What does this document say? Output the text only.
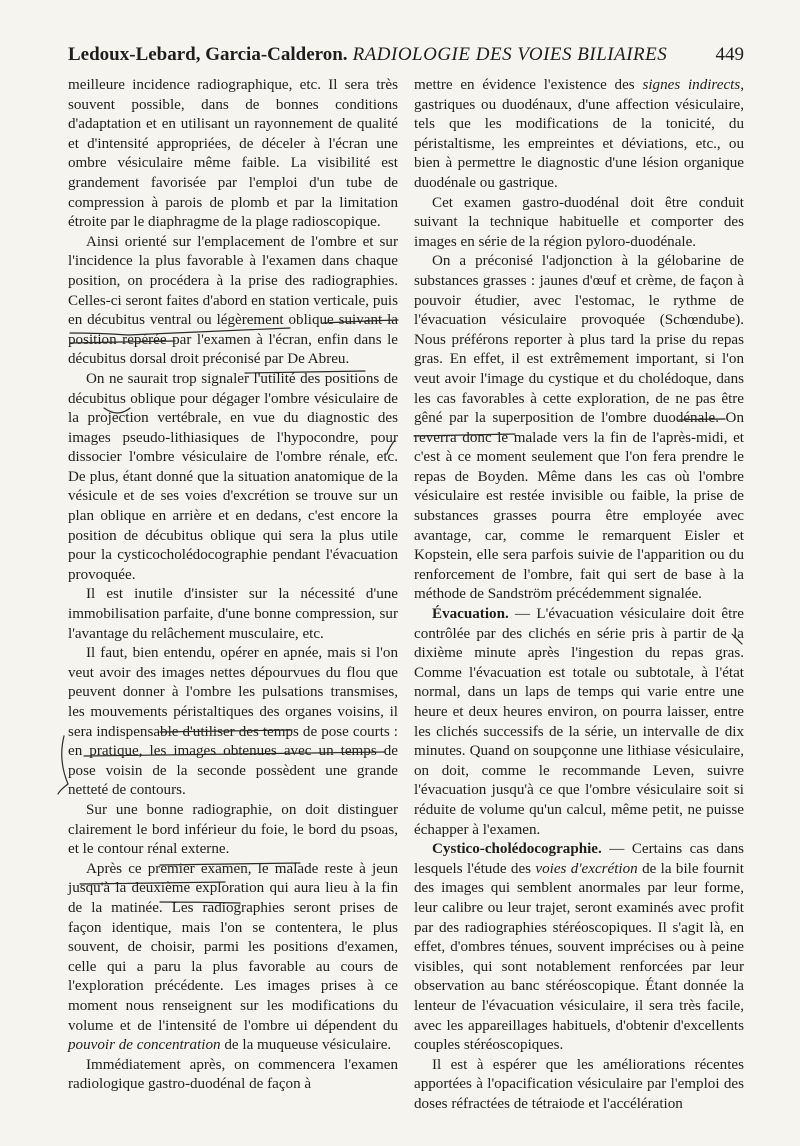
Ledoux-Lebard, Garcia-Calderon. RADIOLOGIE DES VOIES BILIAIRES	449

meilleure incidence radiographique, etc. Il sera très souvent possible, dans de bonnes conditions d'adaptation et en utilisant un rayonnement de qualité et d'intensité appropriées, de déceler à l'écran une ombre vésiculaire même faible. La visibilité est grandement favorisée par l'emploi d'un tube de compression à parois de plomb et par la limitation étroite par le diaphragme de la plage radioscopique.

Ainsi orienté sur l'emplacement de l'ombre et sur l'incidence la plus favorable à l'examen dans chaque position, on procédera à la prise des radiographies. Celles-ci seront faites d'abord en station verticale, puis en décubitus ventral ou légèrement oblique suivant la position repérée par l'examen à l'écran, enfin dans le décubitus dorsal droit préconisé par De Abreu.

On ne saurait trop signaler l'utilité des positions de décubitus oblique pour dégager l'ombre vésiculaire de la projection vertébrale, en vue du diagnostic des images pseudo-lithiasiques de l'hypocondre, pour dissocier l'ombre vésiculaire de l'ombre rénale, etc. De plus, étant donné que la situation anatomique de la vésicule et de ses voies d'excrétion se trouve sur un plan oblique en arrière et en dedans, c'est encore la position de décubitus oblique qui sera la plus utile pour la cysticocholédocographie pendant l'évacuation provoquée.

Il est inutile d'insister sur la nécessité d'une immobilisation parfaite, d'une bonne compression, sur l'avantage du relâchement musculaire, etc.

Il faut, bien entendu, opérer en apnée, mais si l'on veut avoir des images nettes dépourvues du flou que peuvent donner à l'ombre les pulsations transmises, les mouvements péristaltiques des organes voisins, il sera indispensable d'utiliser des temps de pose courts : en pratique, les images obtenues avec un temps de pose voisin de la seconde possèdent une grande netteté de contours.

Sur une bonne radiographie, on doit distinguer clairement le bord inférieur du foie, le bord du psoas, et le contour rénal externe.

Après ce premier examen, le malade reste à jeun jusqu'à la deuxième exploration qui aura lieu à la fin de la matinée. Les radiographies seront prises de façon identique, mais l'on se contentera, le plus souvent, de choisir, parmi les positions d'examen, celle qui a paru la plus favorable au cours de l'exploration précédente. Les images prises à ce moment nous renseignent sur les modifications du volume et de l'intensité de l'ombre ui dépendent du pouvoir de concentration de la muqueuse vésiculaire.

Immédiatement après, on commencera l'examen radiologique gastro-duodénal de façon à

mettre en évidence l'existence des signes indirects, gastriques ou duodénaux, d'une affection vésiculaire, tels que les modifications de la tonicité, du péristaltisme, les empreintes et déviations, etc., ou bien à permettre le diagnostic d'une lésion organique duodénale ou gastrique.

Cet examen gastro-duodénal doit être conduit suivant la technique habituelle et comporter des images en série de la région pyloro-duodénale.

On a préconisé l'adjonction à la gélobarine de substances grasses : jaunes d'œuf et crème, de façon à pouvoir étudier, avec l'estomac, le rythme de l'évacuation vésiculaire provoquée (Schœndube). Nous préférons reporter à plus tard la prise du repas gras. En effet, il est extrêmement important, si l'on veut avoir l'image du cystique et du cholédoque, dans les cas favorables à cette exploration, de ne pas être gêné par la superposition de l'ombre duodénale. On reverra donc le malade vers la fin de l'après-midi, et c'est à ce moment seulement que l'on fera prendre le repas de Boyden. Même dans les cas où l'ombre vésiculaire est restée invisible ou faible, la prise de substances grasses pourra être employée avec avantage, car, comme le remarquent Eisler et Kopstein, elle sera parfois suivie de l'apparition ou du renforcement de l'ombre, fait qui sert de base à la méthode de Sandström précédemment signalée.

Évacuation. — L'évacuation vésiculaire doit être contrôlée par des clichés en série pris à partir de la dixième minute après l'ingestion du repas gras. Comme l'évacuation est totale ou subtotale, à l'état normal, dans un laps de temps qui varie entre une heure et deux heures environ, on pourra laisser, entre les clichés successifs de la série, un intervalle de dix minutes. Quand on soupçonne une lithiase vésiculaire, on doit, comme le recommande Leven, suivre l'évacuation jusqu'à ce que l'ombre vésiculaire soit si réduite de volume qu'un calcul, même petit, ne puisse échapper à l'examen.

Cystico-cholédocographie. — Certains cas dans lesquels l'étude des voies d'excrétion de la bile fournit des images qui semblent anormales par leur forme, leur calibre ou leur trajet, seront examinés avec profit par des radiographies stéréoscopiques. Il s'agit là, en effet, d'ombres ténues, souvent imprécises ou à peine visibles, qui sont notablement renforcées par leur observation au banc stéréoscopique. Étant donnée la lenteur de l'évacuation vésiculaire, il sera très facile, avec les appareillages habituels, d'obtenir d'excellents couples stéréoscopiques.

Il est à espérer que les améliorations récentes apportées à l'opacification vésiculaire par l'emploi des doses réfractées de tétraiode et l'accélération
